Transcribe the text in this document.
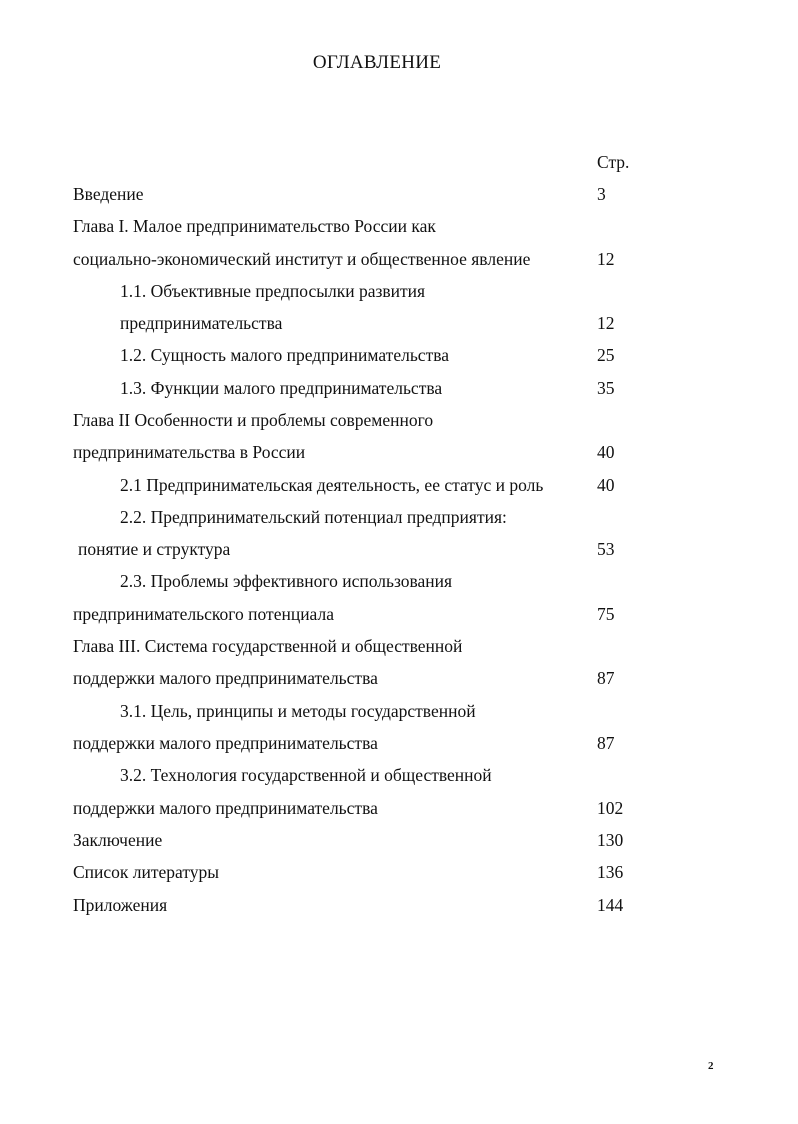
ОГЛАВЛЕНИЕ
Стр.
Введение	3
Глава I. Малое предпринимательство России как
социально-экономический институт и общественное явление	12
1.1. Объективные предпосылки развития
предпринимательства	12
1.2. Сущность малого предпринимательства	25
1.3. Функции малого предпринимательства	35
Глава II Особенности и проблемы современного
предпринимательства в России	40
2.1 Предпринимательская деятельность, ее статус и роль	40
2.2. Предпринимательский потенциал предприятия:
понятие и структура	53
2.3. Проблемы эффективного использования
предпринимательского потенциала	75
Глава III. Система государственной и общественной
поддержки малого предпринимательства	87
3.1. Цель, принципы и методы государственной
поддержки малого предпринимательства	87
3.2. Технология государственной и общественной
поддержки малого предпринимательства	102
Заключение	130
Список литературы	136
Приложения	144
2
